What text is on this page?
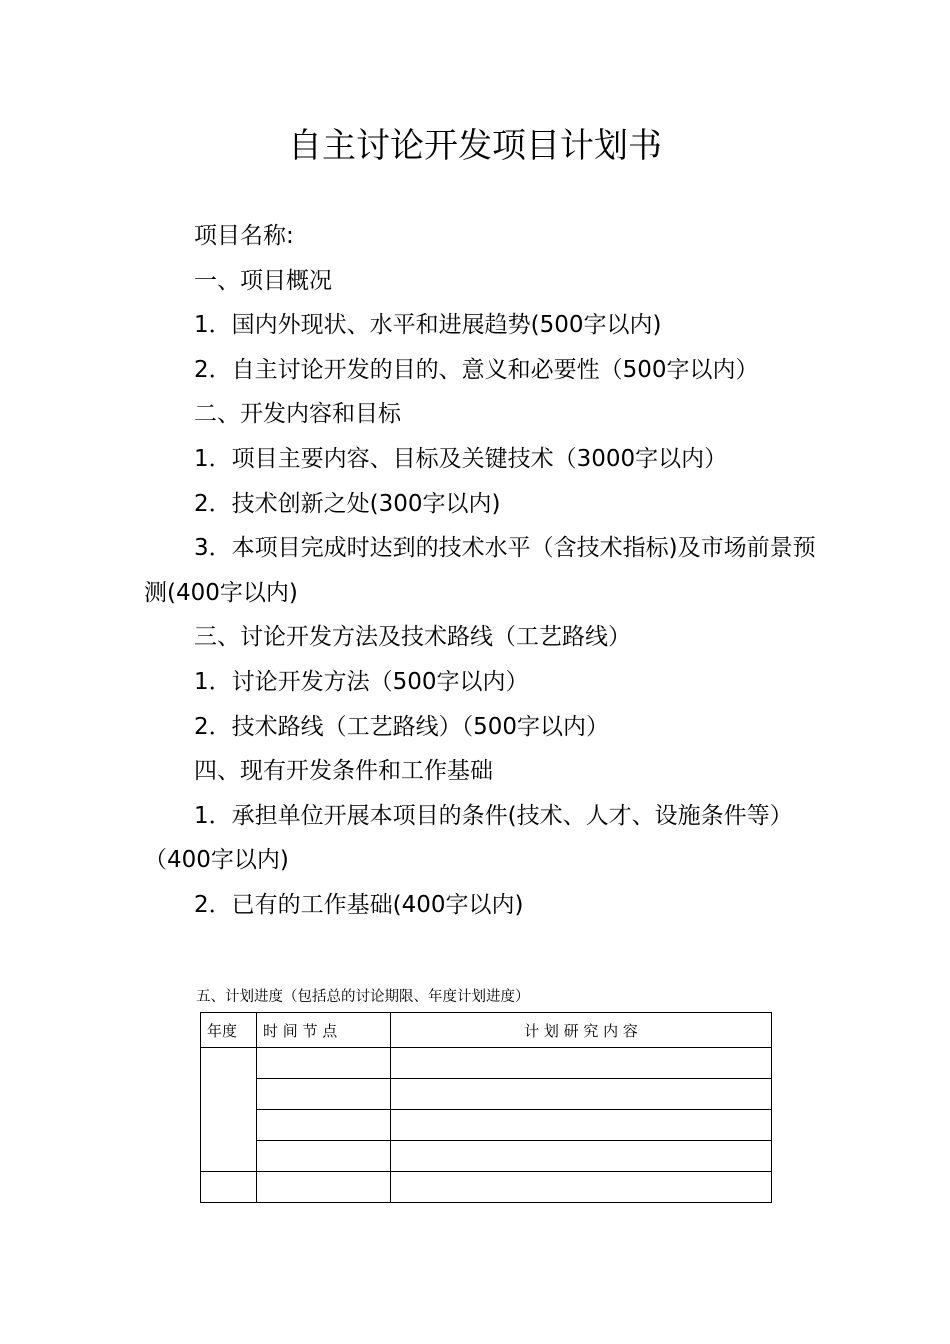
自主讨论开发项目计划书

项目名称:

一、项目概况

1．国内外现状、水平和进展趋势(500字以内)

2．自主讨论开发的目的、意义和必要性（500字以内）

二、开发内容和目标

1．项目主要内容、目标及关键技术（3000字以内）

2．技术创新之处(300字以内)

3．本项目完成时达到的技术水平（含技术指标)及市场前景预测(400字以内)

三、讨论开发方法及技术路线（工艺路线）

1．讨论开发方法（500字以内）

2．技术路线（工艺路线）（500字以内）

四、现有开发条件和工作基础

1．承担单位开展本项目的条件(技术、人才、设施条件等）（400字以内)

2．已有的工作基础(400字以内)

五、计划进度（包括总的讨论期限、年度计划进度）
年度	时 间 节 点	计 划 研 究 内 容
